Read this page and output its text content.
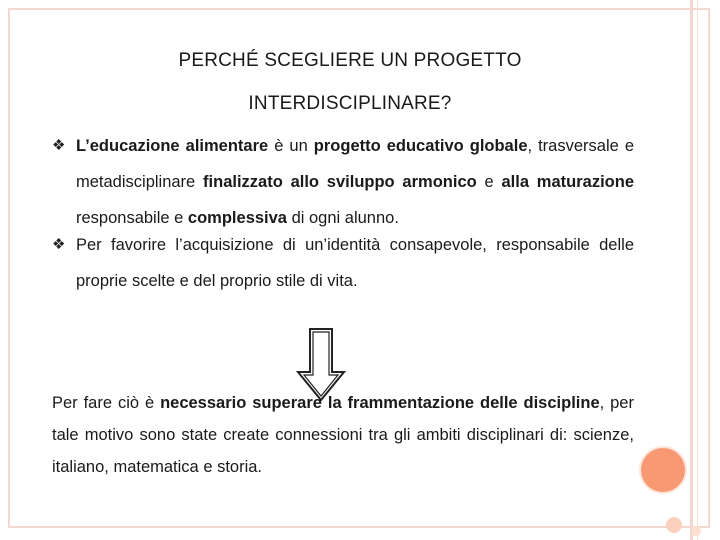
PERCHÉ SCEGLIERE UN PROGETTO
INTERDISCIPLINARE?
❖ L’educazione alimentare è un progetto educativo globale, trasversale e metadisciplinare finalizzato allo sviluppo armonico e alla maturazione responsabile e complessiva di ogni alunno.
❖ Per favorire l’acquisizione di un’identità consapevole, responsabile delle proprie scelte e del proprio stile di vita.
Per fare ciò è necessario superare la frammentazione delle discipline, per tale motivo sono state create connessioni tra gli ambiti disciplinari di: scienze, italiano, matematica e storia.
